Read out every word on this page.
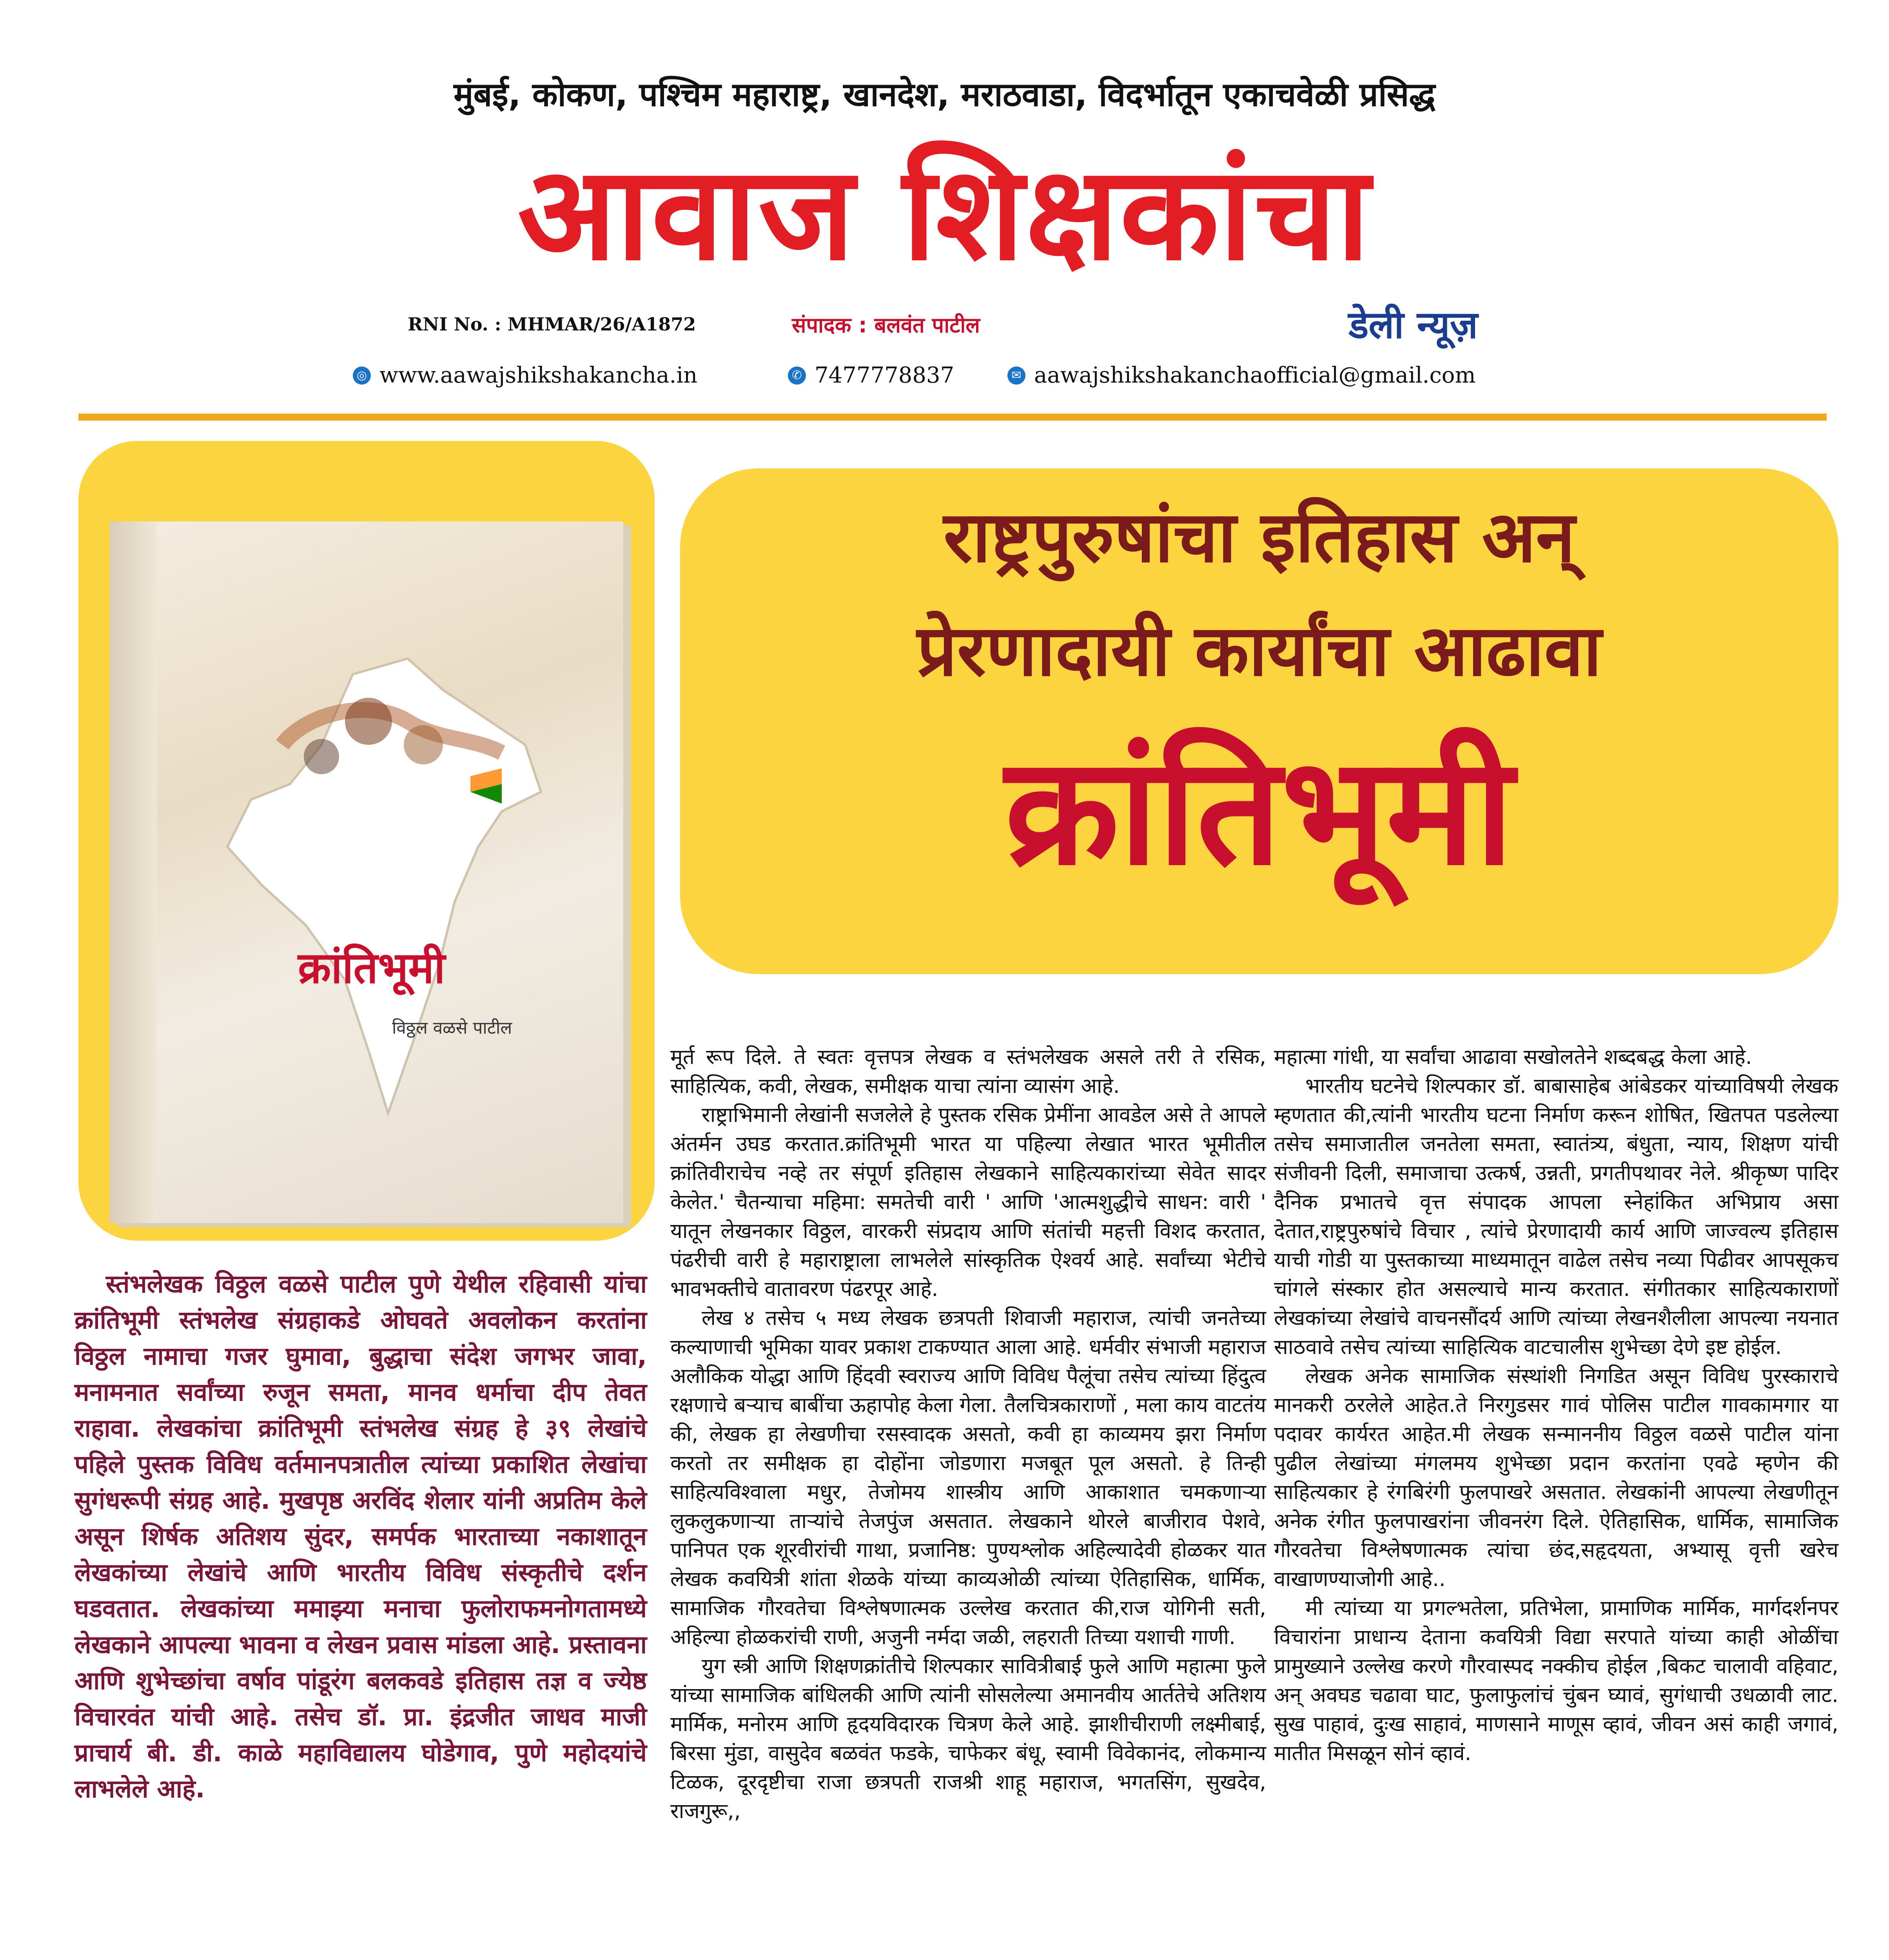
मुंबई, कोकण, पश्चिम महाराष्ट्र, खानदेश, मराठवाडा, विदर्भातून एकाचवेळी प्रसिद्ध
आवाज शिक्षकांचा
RNI No. : MHMAR/26/A1872	संपादक : बलवंत पाटील	डेली न्यूज़
◎ www.aawajshikshakancha.in	✆ 7477778837	✉ aawajshikshakanchaofficial@gmail.com
क्रांतिभूमी
विठ्ठल वळसे पाटील
राष्ट्रपुरुषांचा इतिहास अन्
प्रेरणादायी कार्यांचा आढावा
क्रांतिभूमी

स्तंभलेखक विठ्ठल वळसे पाटील पुणे येथील रहिवासी यांचा क्रांतिभूमी स्तंभलेख संग्रहाकडे ओघवते अवलोकन करतांना विठ्ठल नामाचा गजर घुमावा, बुद्धाचा संदेश जगभर जावा, मनामनात सर्वांच्या रुजून समता, मानव धर्माचा दीप तेवत राहावा. लेखकांचा क्रांतिभूमी स्तंभलेख संग्रह हे ३९ लेखांचे पहिले पुस्तक विविध वर्तमानपत्रातील त्यांच्या प्रकाशित लेखांचा सुगंधरूपी संग्रह आहे. मुखपृष्ठ अरविंद शेलार यांनी अप्रतिम केले असून शिर्षक अतिशय सुंदर, समर्पक भारताच्या नकाशातून लेखकांच्या लेखांचे आणि भारतीय विविध संस्कृतीचे दर्शन घडवतात. लेखकांच्या ममाझ्या मनाचा फुलोराफमनोगतामध्ये लेखकाने आपल्या भावना व लेखन प्रवास मांडला आहे. प्रस्तावना आणि शुभेच्छांचा वर्षाव पांडूरंग बलकवडे इतिहास तज्ञ व ज्येष्ठ विचारवंत यांची आहे. तसेच डॉ. प्रा. इंद्रजीत जाधव माजी प्राचार्य बी. डी. काळे महाविद्यालय घोडेगाव, पुणे महोदयांचे लाभलेले आहे.

मूर्त रूप दिले. ते स्वतः वृत्तपत्र लेखक व स्तंभलेखक असले तरी ते रसिक, साहित्यिक, कवी, लेखक, समीक्षक याचा त्यांना व्यासंग आहे.

राष्ट्राभिमानी लेखांनी सजलेले हे पुस्तक रसिक प्रेमींना आवडेल असे ते आपले अंतर्मन उघड करतात.क्रांतिभूमी भारत या पहिल्या लेखात भारत भूमीतील क्रांतिवीराचेच नव्हे तर संपूर्ण इतिहास लेखकाने साहित्यकारांच्या सेवेत सादर केलेत.' चैतन्याचा महिमा: समतेची वारी ' आणि 'आत्मशुद्धीचे साधन: वारी ' यातून लेखनकार विठ्ठल, वारकरी संप्रदाय आणि संतांची महत्ती विशद करतात, पंढरीची वारी हे महाराष्ट्राला लाभलेले सांस्कृतिक ऐश्वर्य आहे. सर्वांच्या भेटीचे भावभक्तीचे वातावरण पंढरपूर आहे.

लेख ४ तसेच ५ मध्य लेखक छत्रपती शिवाजी महाराज, त्यांची जनतेच्या कल्याणाची भूमिका यावर प्रकाश टाकण्यात आला आहे. धर्मवीर संभाजी महाराज अलौकिक योद्धा आणि हिंदवी स्वराज्य आणि विविध पैलूंचा तसेच त्यांच्या हिंदुत्व रक्षणाचे बऱ्याच बाबींचा ऊहापोह केला गेला. तैलचित्रकाराणों , मला काय वाटतंय की, लेखक हा लेखणीचा रसस्वादक असतो, कवी हा काव्यमय झरा निर्माण करतो तर समीक्षक हा दोहोंना जोडणारा मजबूत पूल असतो. हे तिन्ही साहित्यविश्वाला मधुर, तेजोमय शास्त्रीय आणि आकाशात चमकणाऱ्या लुकलुकणाऱ्या ताऱ्यांचे तेजपुंज असतात. लेखकाने थोरले बाजीराव पेशवे, पानिपत एक शूरवीरांची गाथा, प्रजानिष्ठ: पुण्यश्लोक अहिल्यादेवी होळकर यात लेखक कवयित्री शांता शेळके यांच्या काव्यओळी त्यांच्या ऐतिहासिक, धार्मिक, सामाजिक गौरवतेचा विश्लेषणात्मक उल्लेख करतात की,राज योगिनी सती, अहिल्या होळकरांची राणी, अजुनी नर्मदा जळी, लहराती तिच्या यशाची गाणी.

युग स्त्री आणि शिक्षणक्रांतीचे शिल्पकार सावित्रीबाई फुले आणि महात्मा फुले यांच्या सामाजिक बांधिलकी आणि त्यांनी सोसलेल्या अमानवीय आर्ततेचे अतिशय मार्मिक, मनोरम आणि हृदयविदारक चित्रण केले आहे. झाशीचीराणी लक्ष्मीबाई, बिरसा मुंडा, वासुदेव बळवंत फडके, चाफेकर बंधू, स्वामी विवेकानंद, लोकमान्य टिळक, दूरदृष्टीचा राजा छत्रपती राजश्री शाहू महाराज, भगतसिंग, सुखदेव, राजगुरू,,

महात्मा गांधी, या सर्वांचा आढावा सखोलतेने शब्दबद्ध केला आहे.

भारतीय घटनेचे शिल्पकार डॉ. बाबासाहेब आंबेडकर यांच्याविषयी लेखक म्हणतात की,त्यांनी भारतीय घटना निर्माण करून शोषित, खितपत पडलेल्या तसेच समाजातील जनतेला समता, स्वातंत्र्य, बंधुता, न्याय, शिक्षण यांची संजीवनी दिली, समाजाचा उत्कर्ष, उन्नती, प्रगतीपथावर नेले. श्रीकृष्ण पादिर दैनिक प्रभातचे वृत्त संपादक आपला स्नेहांकित अभिप्राय असा देतात,राष्ट्रपुरुषांचे विचार , त्यांचे प्रेरणादायी कार्य आणि जाज्वल्य इतिहास याची गोडी या पुस्तकाच्या माध्यमातून वाढेल तसेच नव्या पिढीवर आपसूकच चांगले संस्कार होत असल्याचे मान्य करतात. संगीतकार साहित्यकाराणों लेखकांच्या लेखांचे वाचनसौंदर्य आणि त्यांच्या लेखनशैलीला आपल्या नयनात साठवावे तसेच त्यांच्या साहित्यिक वाटचालीस शुभेच्छा देणे इष्ट होईल.

लेखक अनेक सामाजिक संस्थांशी निगडित असून विविध पुरस्काराचे मानकरी ठरलेले आहेत.ते निरगुडसर गावं पोलिस पाटील गावकामगार या पदावर कार्यरत आहेत.मी लेखक सन्माननीय विठ्ठल वळसे पाटील यांना पुढील लेखांच्या मंगलमय शुभेच्छा प्रदान करतांना एवढे म्हणेन की साहित्यकार हे रंगबिरंगी फुलपाखरे असतात. लेखकांनी आपल्या लेखणीतून अनेक रंगीत फुलपाखरांना जीवनरंग दिले. ऐतिहासिक, धार्मिक, सामाजिक गौरवतेचा विश्लेषणात्मक त्यांचा छंद,सहृदयता, अभ्यासू वृत्ती खरेच वाखाणण्याजोगी आहे..

मी त्यांच्या या प्रगल्भतेला, प्रतिभेला, प्रामाणिक मार्मिक, मार्गदर्शनपर विचारांना प्राधान्य देताना कवयित्री विद्या सरपाते यांच्या काही ओळींचा प्रामुख्याने उल्लेख करणे गौरवास्पद नक्कीच होईल ,बिकट चालावी वहिवाट, अन् अवघड चढावा घाट, फुलाफुलांचं चुंबन घ्यावं, सुगंधाची उधळावी लाट. सुख पाहावं, दुःख साहावं, माणसाने माणूस व्हावं, जीवन असं काही जगावं, मातीत मिसळून सोनं व्हावं.
